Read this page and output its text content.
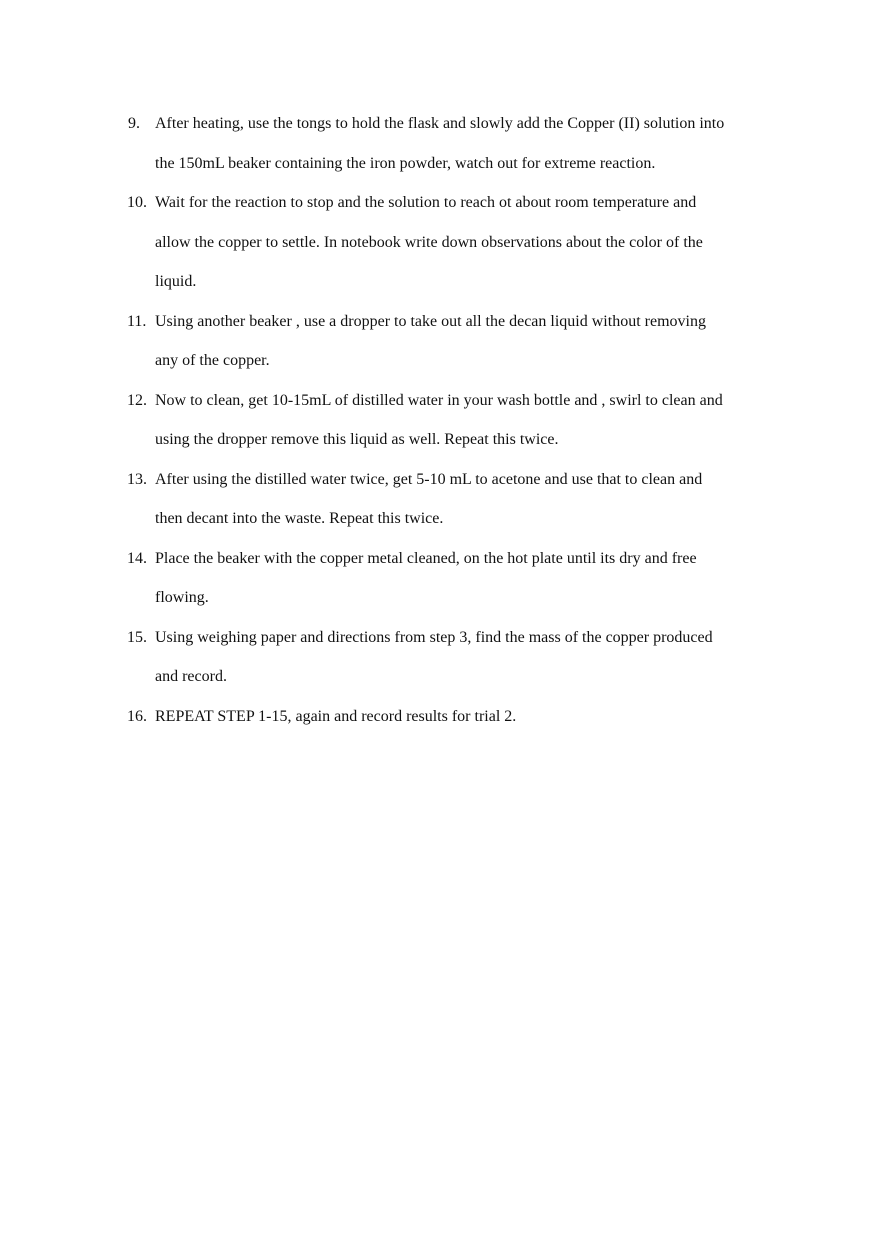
9. After heating, use the tongs to hold the flask and slowly add the Copper (II) solution into
the 150mL beaker containing the iron powder, watch out for extreme reaction.
10. Wait for the reaction to stop and the solution to reach ot about room temperature and
allow the copper to settle. In notebook write down observations about the color of the
liquid.
11. Using another beaker , use a dropper to take out all the decan liquid without removing
any of the copper.
12. Now to clean, get 10-15mL of distilled water in your wash bottle and , swirl to clean and
using the dropper remove this liquid as well. Repeat this twice.
13. After using the distilled water twice, get 5-10 mL to acetone and use that to clean and
then decant into the waste. Repeat this twice.
14. Place the beaker with the copper metal cleaned, on the hot plate until its dry and free
flowing.
15. Using weighing paper and directions from step 3, find the mass of the copper produced
and record.
16. REPEAT STEP 1-15, again and record results for trial 2.
